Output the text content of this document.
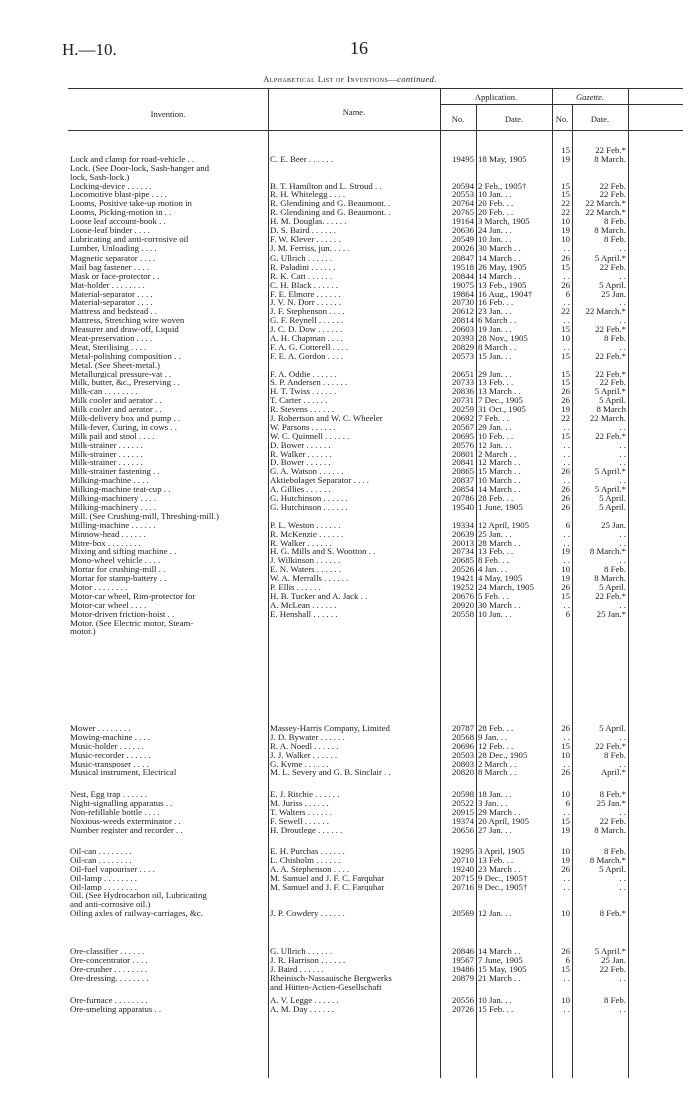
H.—10.	16
Alphabetical List of Inventions—continued.
Invention.	Name.
Application.	Gazette.
No.	Date.	No.	Date.
15	22 Feb.*
Lock and clamp for road-vehicle . .	C. E. Beer . . . . . .	19495 18 May, 1905	19	8 March.
Lock. (See Door-lock, Sash-hanger and
lock, Sash-lock.)
Locking-device . . . . . .	B. T. Hamilton and L. Stroud . .	20594 2 Feb., 1905†	15	22 Feb.
Locomotive blast-pipe . . . .	R. H. Whitelegg . . . .	20553 10 Jan. . .	15	22 Feb.
Looms, Positive take-up motion in	R. Glendining and G. Beaumont. .	20764 20 Feb. . .	22	22 March.*
Looms, Picking-motion in . .	R. Glendining and G. Beaumont. .	20765 20 Feb. . .	22	22 March.*
Loose leaf account-book . .	H. M. Douglas. . . . . .	19164 3 March, 1905	10	8 Feb.
Loose-leaf binder . . . .	D. S. Baird . . . . . .	20636 24 Jan. . .	19	8 March.
Lubricating and anti-corrosive oil	F. W. Klever . . . . . .	20549 10 Jan. . .	10	8 Feb.
Lumber, Unloading . . . .	J. M. Ferriss, jun. . . . .	20026 30 March . .	. .	. .
Magnetic separator . . . .	G. Ullrich . . . . . .	20847 14 March . .	26	5 April.*
Mail bag fastener . . . .	R. Paladini . . . . . .	19518 26 May, 1905	15	22 Feb.
Mask or face-protector . .	R. K. Catt . . . . . .	20844 14 March . .	. .	. .
Mat-holder . . . . . . . .	C. H. Black . . . . . .	19075 13 Feb., 1905	26	5 April.
Material-separator . . . .	F. E. Elmore . . . . . .	19864 16 Aug., 1904†	6	25 Jan.
Material-separator . . . .	J. V. N. Dorr . . . . . .	20730 16 Feb. . .	. .	. .
Mattress and bedstead . .	J. F. Stephenson . . . .	20612 23 Jan. . .	22	22 March.*
Mattress, Stretching wire woven	G. F. Reynell . . . . . .	20814 6 March . .	. .	. .
Measurer and draw-off, Liquid	J. C. D. Dow . . . . . .	20603 19 Jan. . .	15	22 Feb.*
Meat-preservation . . . .	A. H. Chapman . . . .	20393 28 Nov., 1905	10	8 Feb.
Meat, Sterilising . . . .	F. A. G. Cotterell . . . .	20829 8 March . .	. .	. .
Metal-polishing composition . .	F. E. A. Gordon . . . .	20573 15 Jan. . .	15	22 Feb.*
Metal. (See Sheet-metal.)
Metallurgical pressure-vat . .	F. A. Oddie . . . . . .	20651 29 Jan. . .	15	22 Feb.*
Milk, butter, &c., Preserving . .	S. P. Andersen . . . . . .	20733 13 Feb. . .	15	22 Feb.
Milk-can . . . . . . . .	H. T. Twiss . . . . . .	20836 13 March . .	26	5 April.*
Milk cooler and aerator . .	T. Carter . . . . . .	20731 7 Dec., 1905	26	5 April.
Milk cooler and aerator . .	R. Stevens . . . . . .	20259 31 Oct., 1905	19	8 March
Milk-delivery box and pump . .	J. Robertson and W. C. Wheeler	20692 7 Feb. . .	22	22 March.
Milk-fever, Curing, in cows . .	W. Parsons . . . . . .	20567 29 Jan. . .	. .	. .
Milk pail and stool . . . .	W. C. Quinnell . . . . . .	20695 10 Feb. . .	15	22 Feb.*
Milk-strainer . . . . . .	D. Bower . . . . . .	20576 12 Jan. . .	. .	. .
Milk-strainer . . . . . .	R. Walker . . . . . .	20801 2 March . .	. .	. .
Milk-strainer . . . . . .	D. Bower . . . . . .	20841 12 March . .	. .	. .
Milk-strainer fastening . .	G. A. Watson . . . . . .	20865 15 March . .	26	5 April.*
Milking-machine . . . .	Aktiebolaget Separator . . . .	20837 10 March . .	. .	. .
Milking-machine teat-cup . .	A. Gillies . . . . . .	20854 14 March . .	26	5 April.*
Milking-machinery . . . .	G. Hutchinson . . . . . .	20786 28 Feb. . .	26	5 April.
Milking-machinery . . . .	G. Hutchinson . . . . . .	19540 1 June, 1905	26	5 April.
Mill. (See Crushing-mill, Threshing-mill.)
Milling-machine . . . . . .	P. L. Weston . . . . . .	19334 12 April, 1905	6	25 Jan.
Minnow-head . . . . . .	R. McKenzie . . . . . .	20639 25 Jan. . .	. .	. .
Mitre-box . . . . . . . .	R. Walker . . . . . .	20013 28 March . .	. .	. .
Mixing and sifting machine . .	H. G. Mills and S. Wootton . .	20734 13 Feb. . .	19	8 March.*
Mono-wheel vehicle . . . .	J. Wilkinson . . . . . .	20685 8 Feb. . .	. .	. .
Mortar for crushing-mill . .	E. N. Waters . . . . . .	20526 4 Jan. . .	10	8 Feb.
Mortar for stamp-battery . .	W. A. Merralls . . . . . .	19421 4 May, 1905	19	8 March.
Motor . . . . . . . .	P. Ellis . . . . . .	19252 24 March, 1905	26	5 April.
Motor-car wheel, Rim-protector for	H. B. Tucker and A. Jack . .	20676 5 Feb. . .	15	22 Feb.*
Motor-car wheel . . . .	A. McLean . . . . . .	20920 30 March . .	. .	. .
Motor-driven friction-hoist . .	E. Henshall . . . . . .	20558 10 Jan. . .	6	25 Jan.*
Motor. (See Electric motor, Steam-
motor.)
Mower . . . . . . . .	Massey-Harris Company, Limited	20787 28 Feb. . .	26	5 April.
Mowing-machine . . . .	J. D. Bywater . . . . . .	20568 9 Jan. . .	. .	. .
Music-holder . . . . . .	R. A. Noedl . . . . . .	20696 12 Feb. . .	15	22 Feb.*
Music-recorder . . . . . .	J. J. Walker . . . . . .	20503 28 Dec., 1905	10	8 Feb.
Music-transposer . . . .	G. Kyme . . . . . .	20803 2 March . .	. .	. .
Musical instrument, Electrical	M. L. Severy and G. B. Sinclair . .	20820 8 March . .	26	April.*
Nest, Egg trap . . . . . .	E. J. Ritchie . . . . . .	20598 18 Jan. . .	10	8 Feb.*
Night-signalling apparatus . .	M. Juriss . . . . . .	20522 3 Jan. . .	6	25 Jan.*
Non-refillable bottle . . . .	T. Walters . . . . . .	20915 29 March . .	. .	. .
Noxious-weeds exterminator . .	F. Sewell . . . . . .	19374 20 April, 1905	15	22 Feb.
Number register and recorder . .	H. Droutlege . . . . . .	20656 27 Jan. . .	19	8 March.
Oil-can . . . . . . . .	E. H. Purchas . . . . . .	19295 3 April, 1905	10	8 Feb.
Oil-can . . . . . . . .	L. Chisholm . . . . . .	20710 13 Feb. . .	19	8 March.*
Oil-fuel vapouriser . . . .	A. A. Stephenson . . . .	19240 23 March . .	26	5 April.
Oil-lamp . . . . . . . .	M. Samuel and J. F. C. Farquhar	20715 9 Dec., 1905†	. .	. .
Oil-lamp . . . . . . . .	M. Samuel and J. F. C. Farquhar	20716 9 Dec., 1905†	. .	. .
Oil. (See Hydrocarbon oil, Lubricating
and anti-corrosive oil.)
Oiling axles of railway-carriages, &c.	J. P. Cowdery . . . . . .	20569 12 Jan. . .	10	8 Feb.*
Ore-classifier . . . . . .	G. Ullrich . . . . . .	20846 14 March . .	26	5 April.*
Ore-concentrator . . . .	J. R. Harrison . . . . . .	19567 7 June, 1905	6	25 Jan.
Ore-crusher . . . . . . . .	J. Baird . . . . . .	19486 15 May, 1905	15	22 Feb.
Ore-dressing. . . . . . . .	Rheinisch-Nassauische Bergwerks	20879 21 March . .	. .	. .
and Hütten-Actien-Gesellschaft
Ore-furnace . . . . . . . .	A. V. Legge . . . . . .	20556 10 Jan. . .	10	8 Feb.
Ore-smelting apparatus . .	A. M. Day . . . . . .	20726 15 Feb. . .	. .	. .
